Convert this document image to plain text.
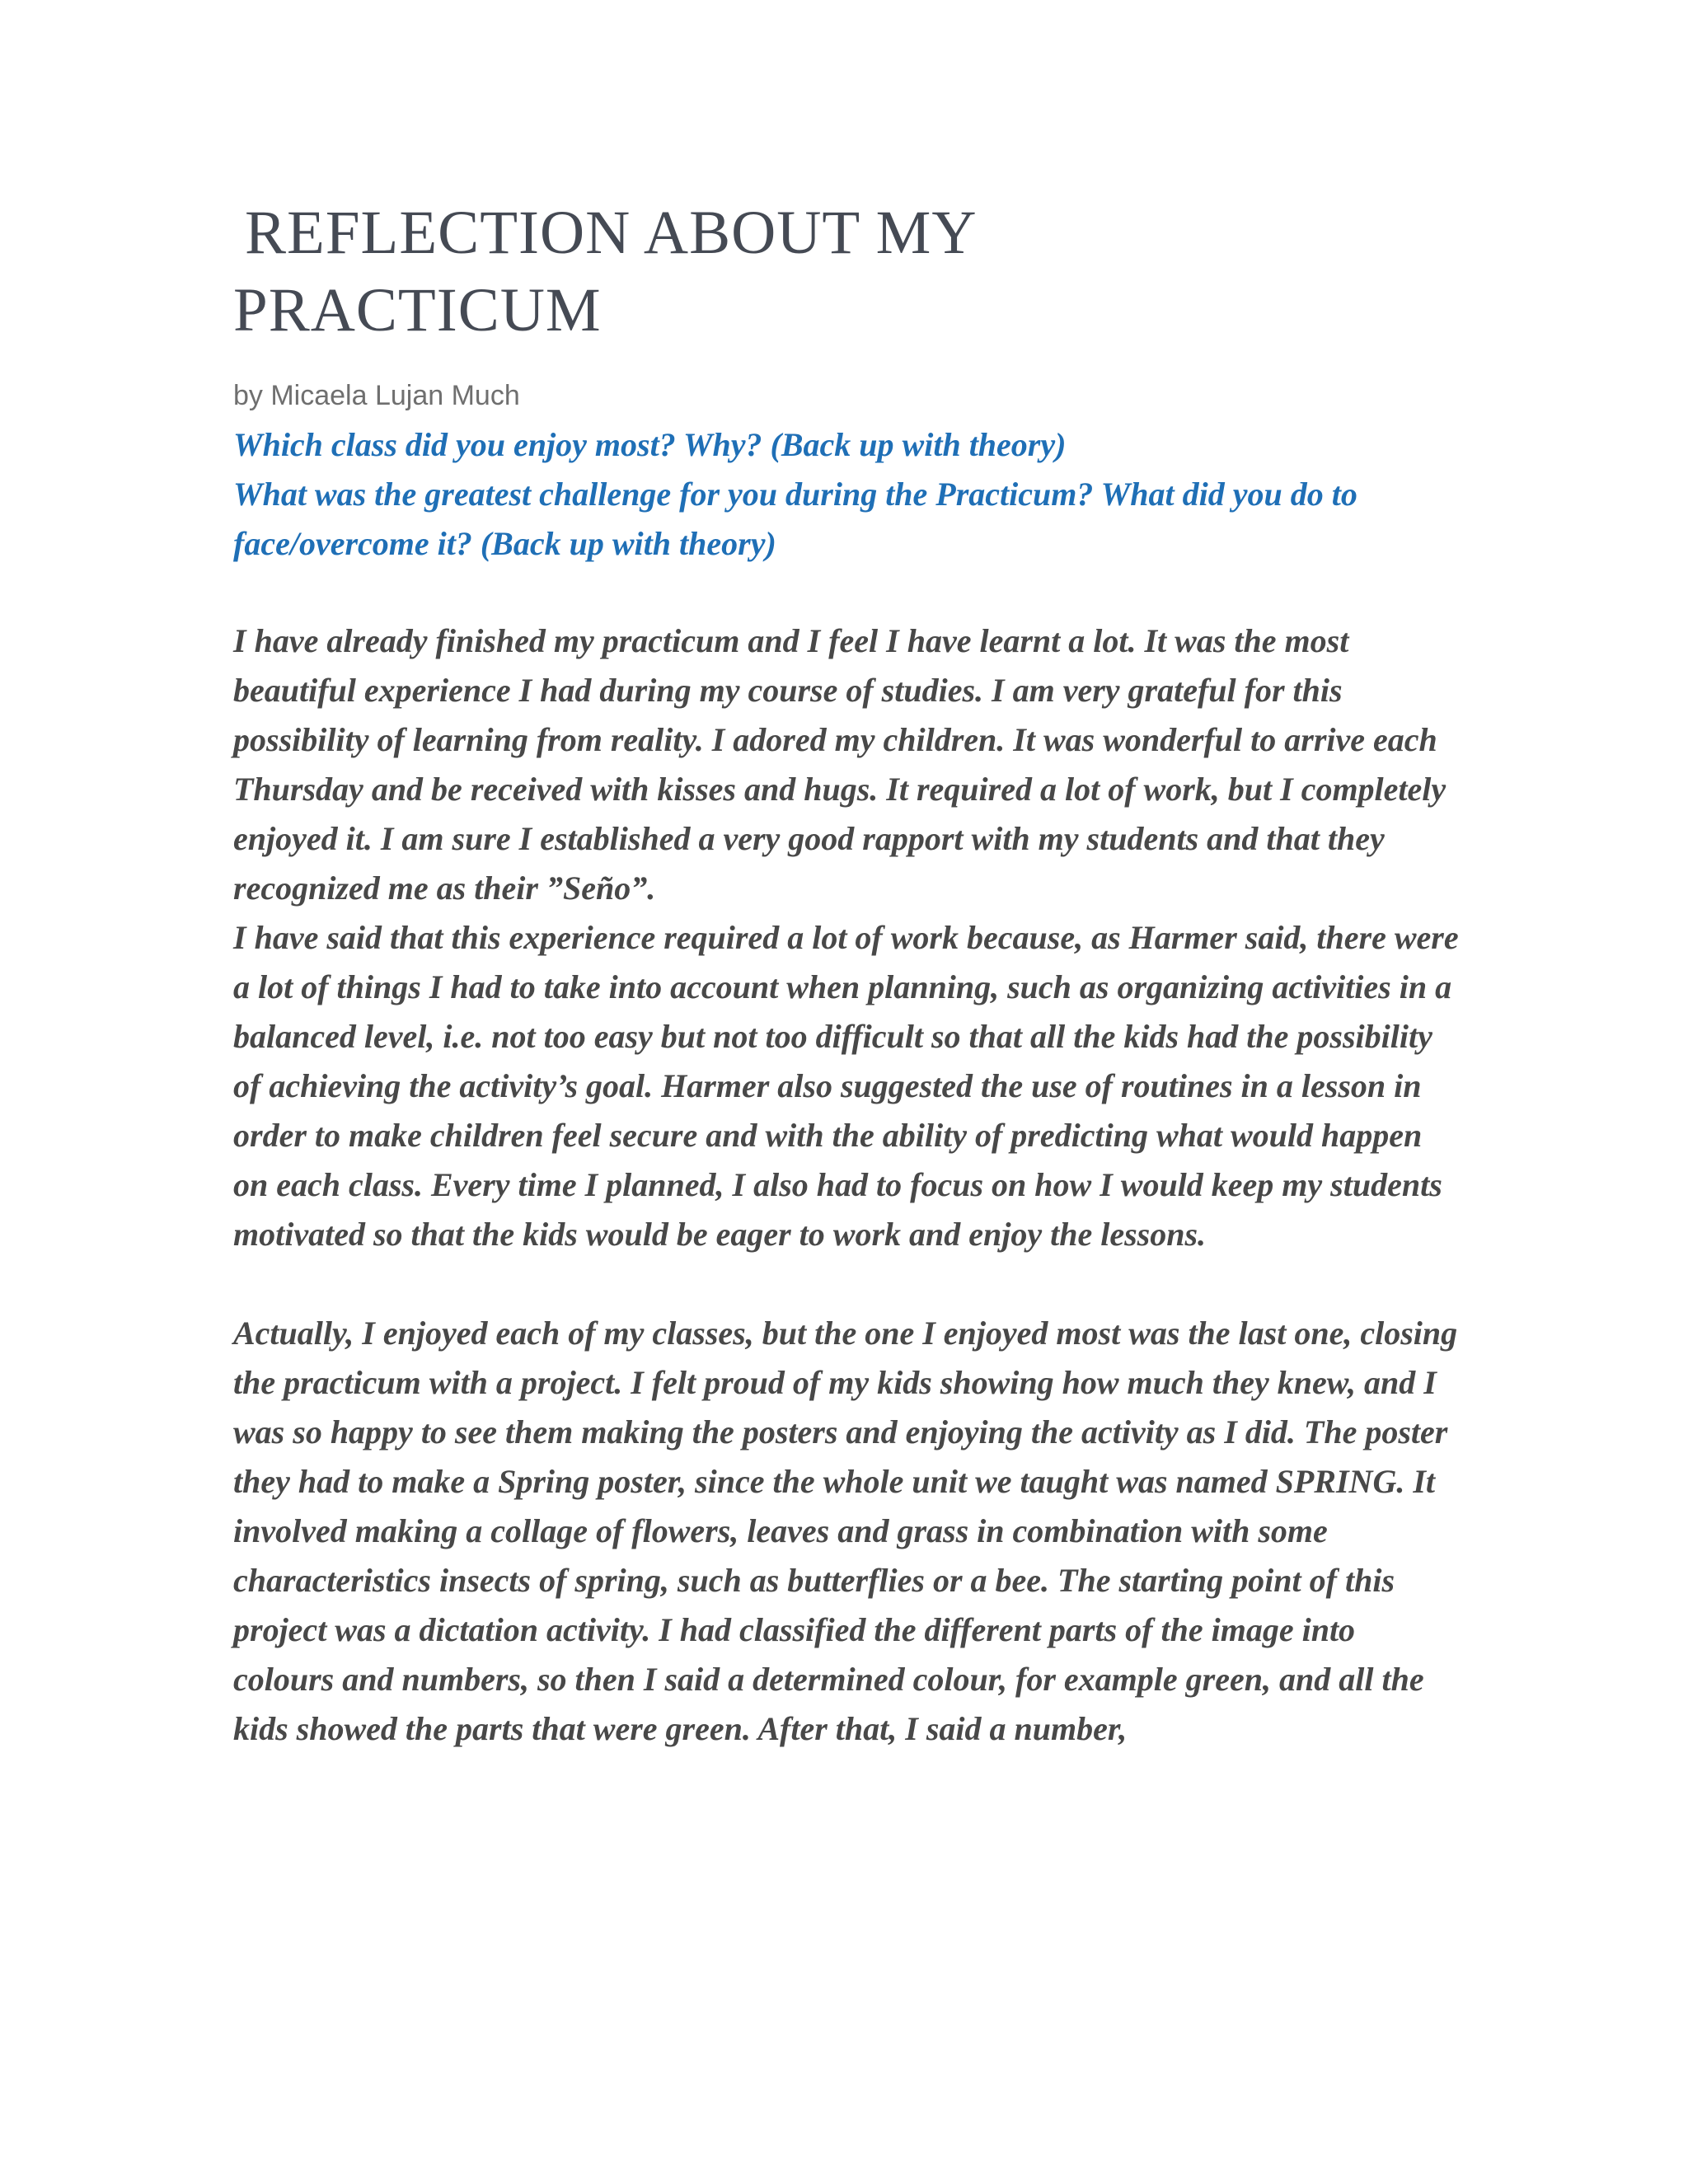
REFLECTION ABOUT MY
PRACTICUM
by Micaela Lujan Much

Which class did you enjoy most? Why? (Back up with theory)

What was the greatest challenge for you during the Practicum? What did you do to face/overcome it? (Back up with theory)

I have already finished my practicum and I feel I have learnt a lot. It was the most beautiful experience I had during my course of studies. I am very grateful for this possibility of learning from reality. I adored my children. It was wonderful to arrive each Thursday and be received with kisses and hugs. It required a lot of work, but I completely enjoyed it. I am sure I established a very good rapport with my students and that they recognized me as their ”Seño”.

I have said that this experience required a lot of work because, as Harmer said, there were a lot of things I had to take into account when planning, such as organizing activities in a balanced level, i.e. not too easy but not too difficult so that all the kids had the possibility of achieving the activity’s goal. Harmer also suggested the use of routines in a lesson in order to make children feel secure and with the ability of predicting what would happen on each class. Every time I planned, I also had to focus on how I would keep my students motivated so that the kids would be eager to work and enjoy the lessons.

Actually, I enjoyed each of my classes, but the one I enjoyed most was the last one, closing the practicum with a project. I felt proud of my kids showing how much they knew, and I was so happy to see them making the posters and enjoying the activity as I did. The poster they had to make a Spring poster, since the whole unit we taught was named SPRING. It involved making a collage of flowers, leaves and grass in combination with some characteristics insects of spring, such as butterflies or a bee. The starting point of this project was a dictation activity. I had classified the different parts of the image into colours and numbers, so then I said a determined colour, for example green, and all the kids showed the parts that were green. After that, I said a number,
